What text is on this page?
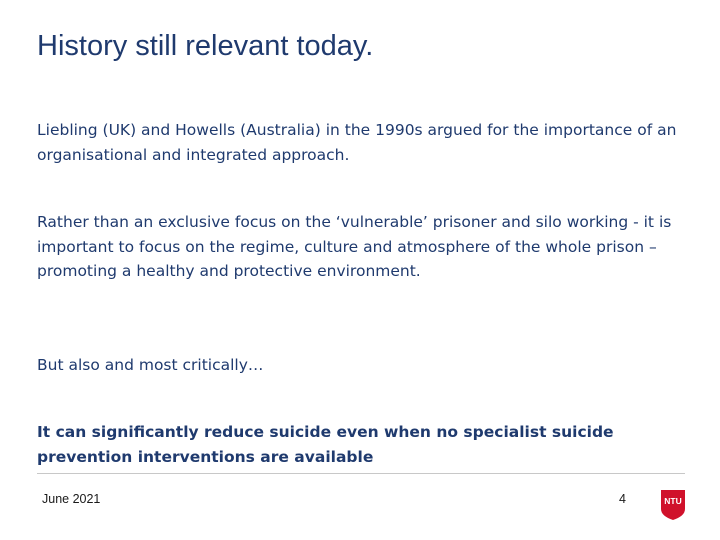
History still relevant today.
Liebling (UK) and Howells (Australia) in the 1990s argued for the importance of an organisational and integrated approach.
Rather than an exclusive focus on the ‘vulnerable’ prisoner and silo working - it is important to focus on the regime, culture and atmosphere of the whole prison – promoting a healthy and protective environment.
But also and most critically…
It can significantly reduce suicide even when no specialist suicide prevention interventions are available
June 2021	4	NTU
